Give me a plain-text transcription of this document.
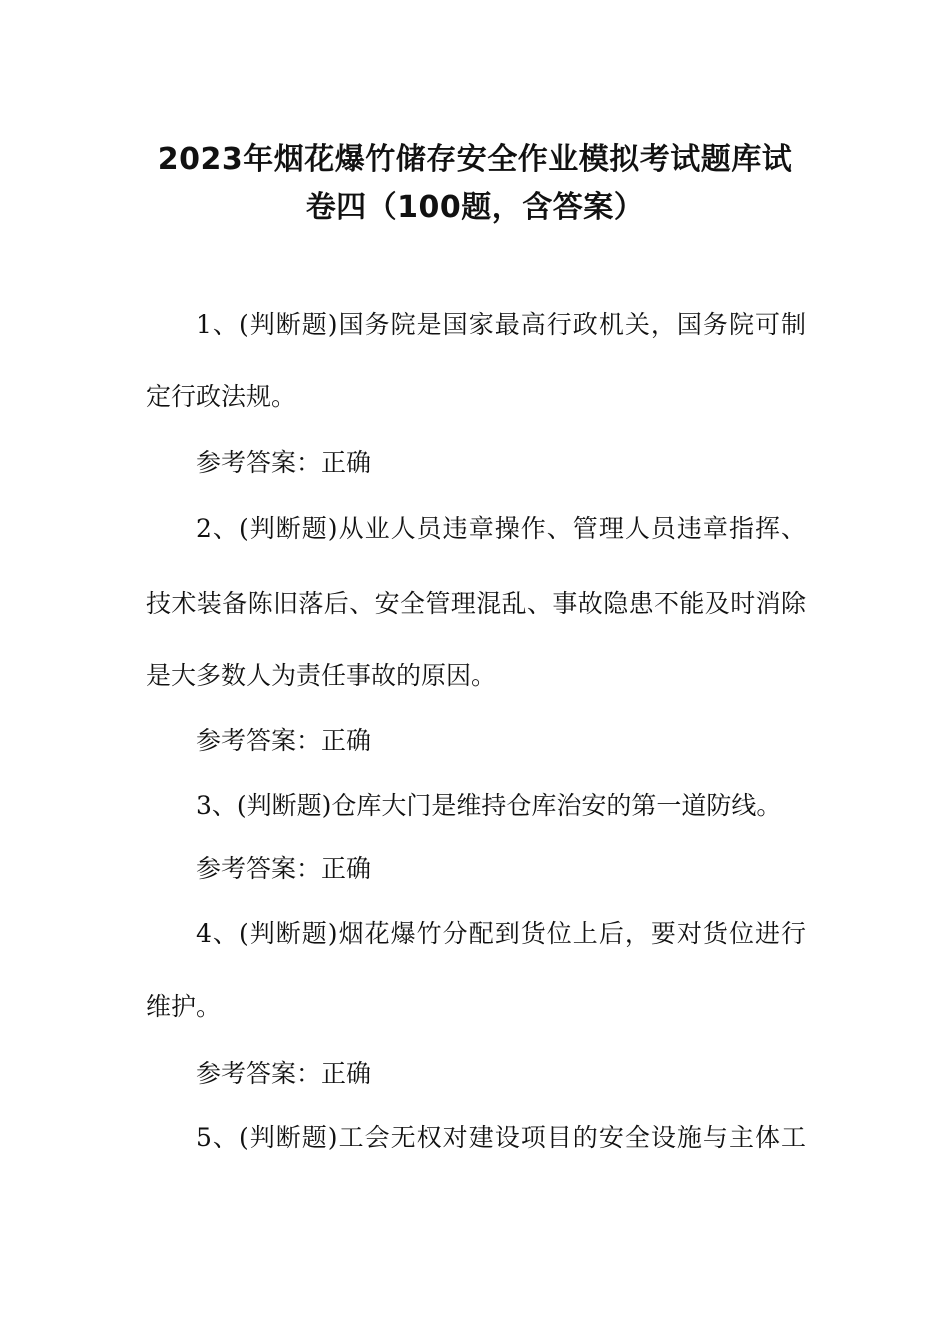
2023年烟花爆竹储存安全作业模拟考试题库试
卷四（100题，含答案）
1、(判断题)国务院是国家最高行政机关，国务院可制
定行政法规。
参考答案：正确
2、(判断题)从业人员违章操作、管理人员违章指挥、
技术装备陈旧落后、安全管理混乱、事故隐患不能及时消除
是大多数人为责任事故的原因。
参考答案：正确
3、(判断题)仓库大门是维持仓库治安的第一道防线。
参考答案：正确
4、(判断题)烟花爆竹分配到货位上后，要对货位进行
维护。
参考答案：正确
5、(判断题)工会无权对建设项目的安全设施与主体工
